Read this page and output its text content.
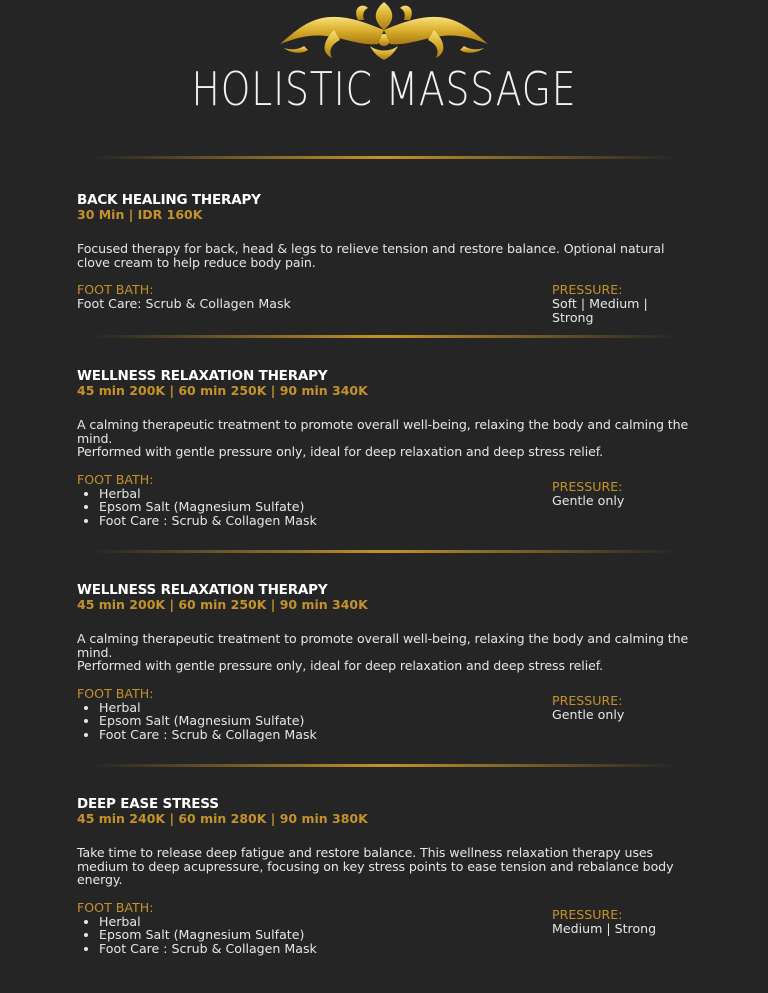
HOLISTIC MASSAGE
BACK HEALING THERAPY
30 Min | IDR 160K
Focused therapy for back, head & legs to relieve tension and restore balance. Optional natural clove cream to help reduce body pain.
FOOT BATH:
Foot Care: Scrub & Collagen Mask
PRESSURE:
Soft | Medium | Strong
WELLNESS RELAXATION THERAPY
45 min 200K | 60 min 250K | 90 min 340K
A calming therapeutic treatment to promote overall well-being, relaxing the body and calming the mind.
Performed with gentle pressure only, ideal for deep relaxation and deep stress relief.
FOOT BATH:
• Herbal
• Epsom Salt (Magnesium Sulfate)
• Foot Care : Scrub & Collagen Mask
PRESSURE:
Gentle only
WELLNESS RELAXATION THERAPY
45 min 200K | 60 min 250K | 90 min 340K
A calming therapeutic treatment to promote overall well-being, relaxing the body and calming the mind.
Performed with gentle pressure only, ideal for deep relaxation and deep stress relief.
FOOT BATH:
• Herbal
• Epsom Salt (Magnesium Sulfate)
• Foot Care : Scrub & Collagen Mask
PRESSURE:
Gentle only
DEEP EASE STRESS
45 min 240K | 60 min 280K | 90 min 380K
Take time to release deep fatigue and restore balance. This wellness relaxation therapy uses medium to deep acupressure, focusing on key stress points to ease tension and rebalance body energy.
FOOT BATH:
• Herbal
• Epsom Salt (Magnesium Sulfate)
• Foot Care : Scrub & Collagen Mask
PRESSURE:
Medium | Strong
